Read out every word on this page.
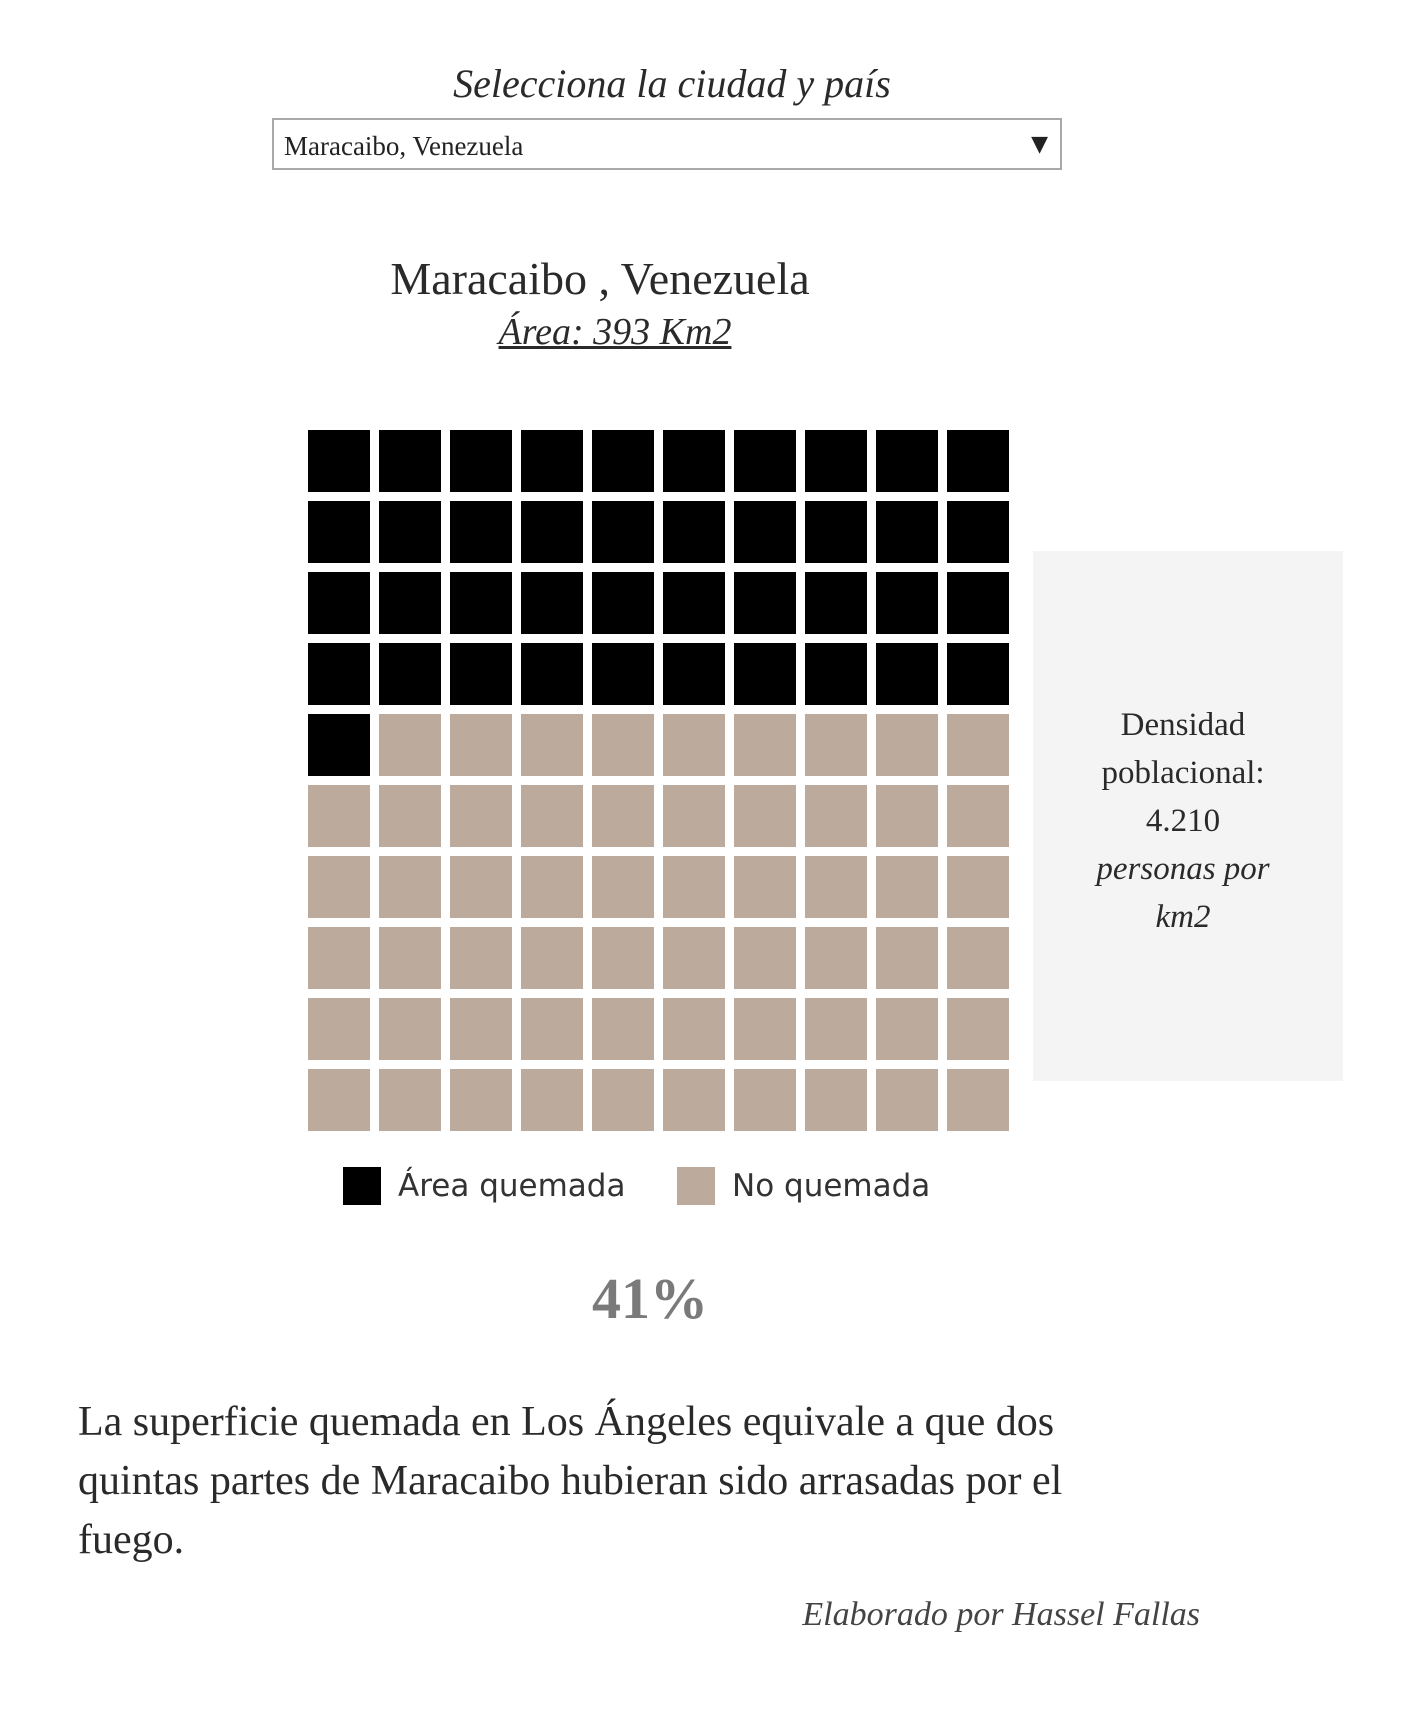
Selecciona la ciudad y país
Maracaibo, Venezuela	▼
Maracaibo , Venezuela
Área: 393 Km2
Densidad
poblacional:
4.210
personas por
km2
Área quemada	No quemada
41%
La superficie quemada en Los Ángeles equivale a que dos quintas partes de Maracaibo hubieran sido arrasadas por el fuego.
Elaborado por Hassel Fallas
